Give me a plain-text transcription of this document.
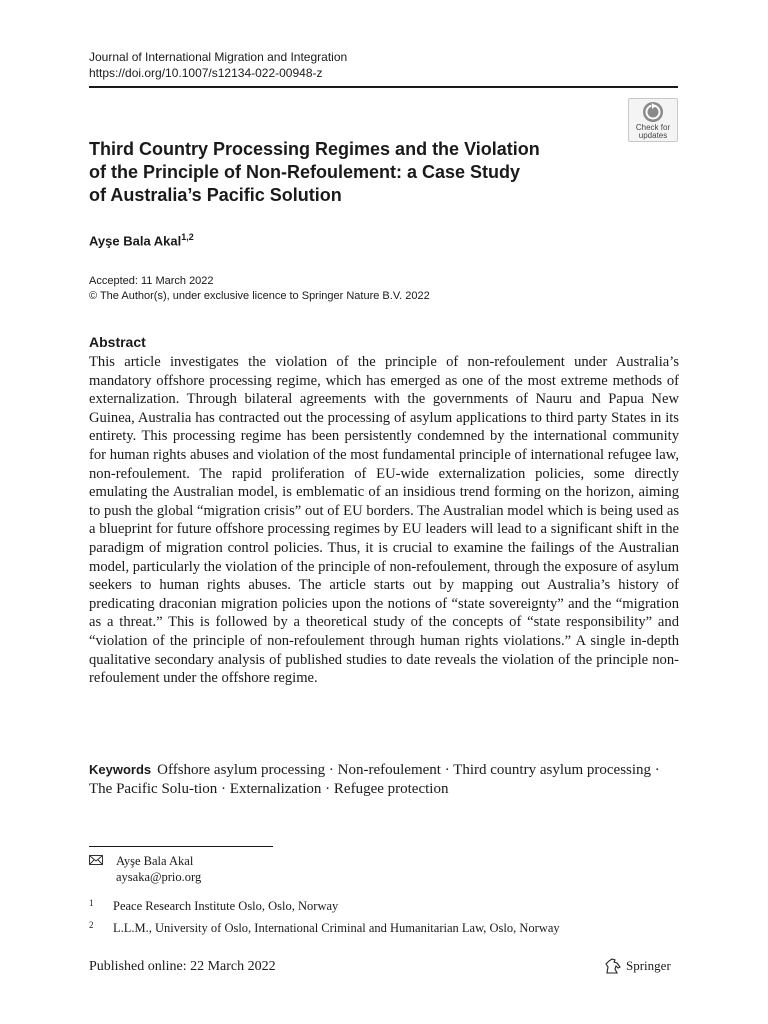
Journal of International Migration and Integration
https://doi.org/10.1007/s12134-022-00948-z
Check for
updates
Third Country Processing Regimes and the Violation
of the Principle of Non-Refoulement: a Case Study
of Australia’s Pacific Solution
Ayşe Bala Akal$^{1,2}$
Accepted: 11 March 2022
© The Author(s), under exclusive licence to Springer Nature B.V. 2022
Abstract

This article investigates the violation of the principle of non-refoulement under Australia’s mandatory offshore processing regime, which has emerged as one of the most extreme methods of externalization. Through bilateral agreements with the governments of Nauru and Papua New Guinea, Australia has contracted out the processing of asylum applications to third party States in its entirety. This processing regime has been persistently condemned by the international community for human rights abuses and violation of the most fundamental principle of international refugee law, non-refoulement. The rapid proliferation of EU-wide externalization policies, some directly emulating the Australian model, is emblematic of an insidious trend forming on the horizon, aiming to push the global “migration crisis” out of EU borders. The Australian model which is being used as a blueprint for future offshore processing regimes by EU leaders will lead to a significant shift in the paradigm of migration control policies. Thus, it is crucial to examine the failings of the Australian model, particularly the violation of the principle of non-refoulement, through the exposure of asylum seekers to human rights abuses. The article starts out by mapping out Australia’s history of predicating draconian migration policies upon the notions of “state sovereignty” and the “migration as a threat.” This is followed by a theoretical study of the concepts of “state responsibility” and “violation of the principle of non-refoulement through human rights violations.” A single in-depth qualitative secondary analysis of published studies to date reveals the violation of the principle non-refoulement under the offshore regime.

Keywords Offshore asylum processing · Non-refoulement · Third country asylum processing · The Pacific Solu-tion · Externalization · Refugee protection
Ayşe Bala Akal
aysaka@prio.org
1 Peace Research Institute Oslo, Oslo, Norway
2 L.L.M., University of Oslo, International Criminal and Humanitarian Law, Oslo, Norway
Published online: 22 March 2022	Springer
